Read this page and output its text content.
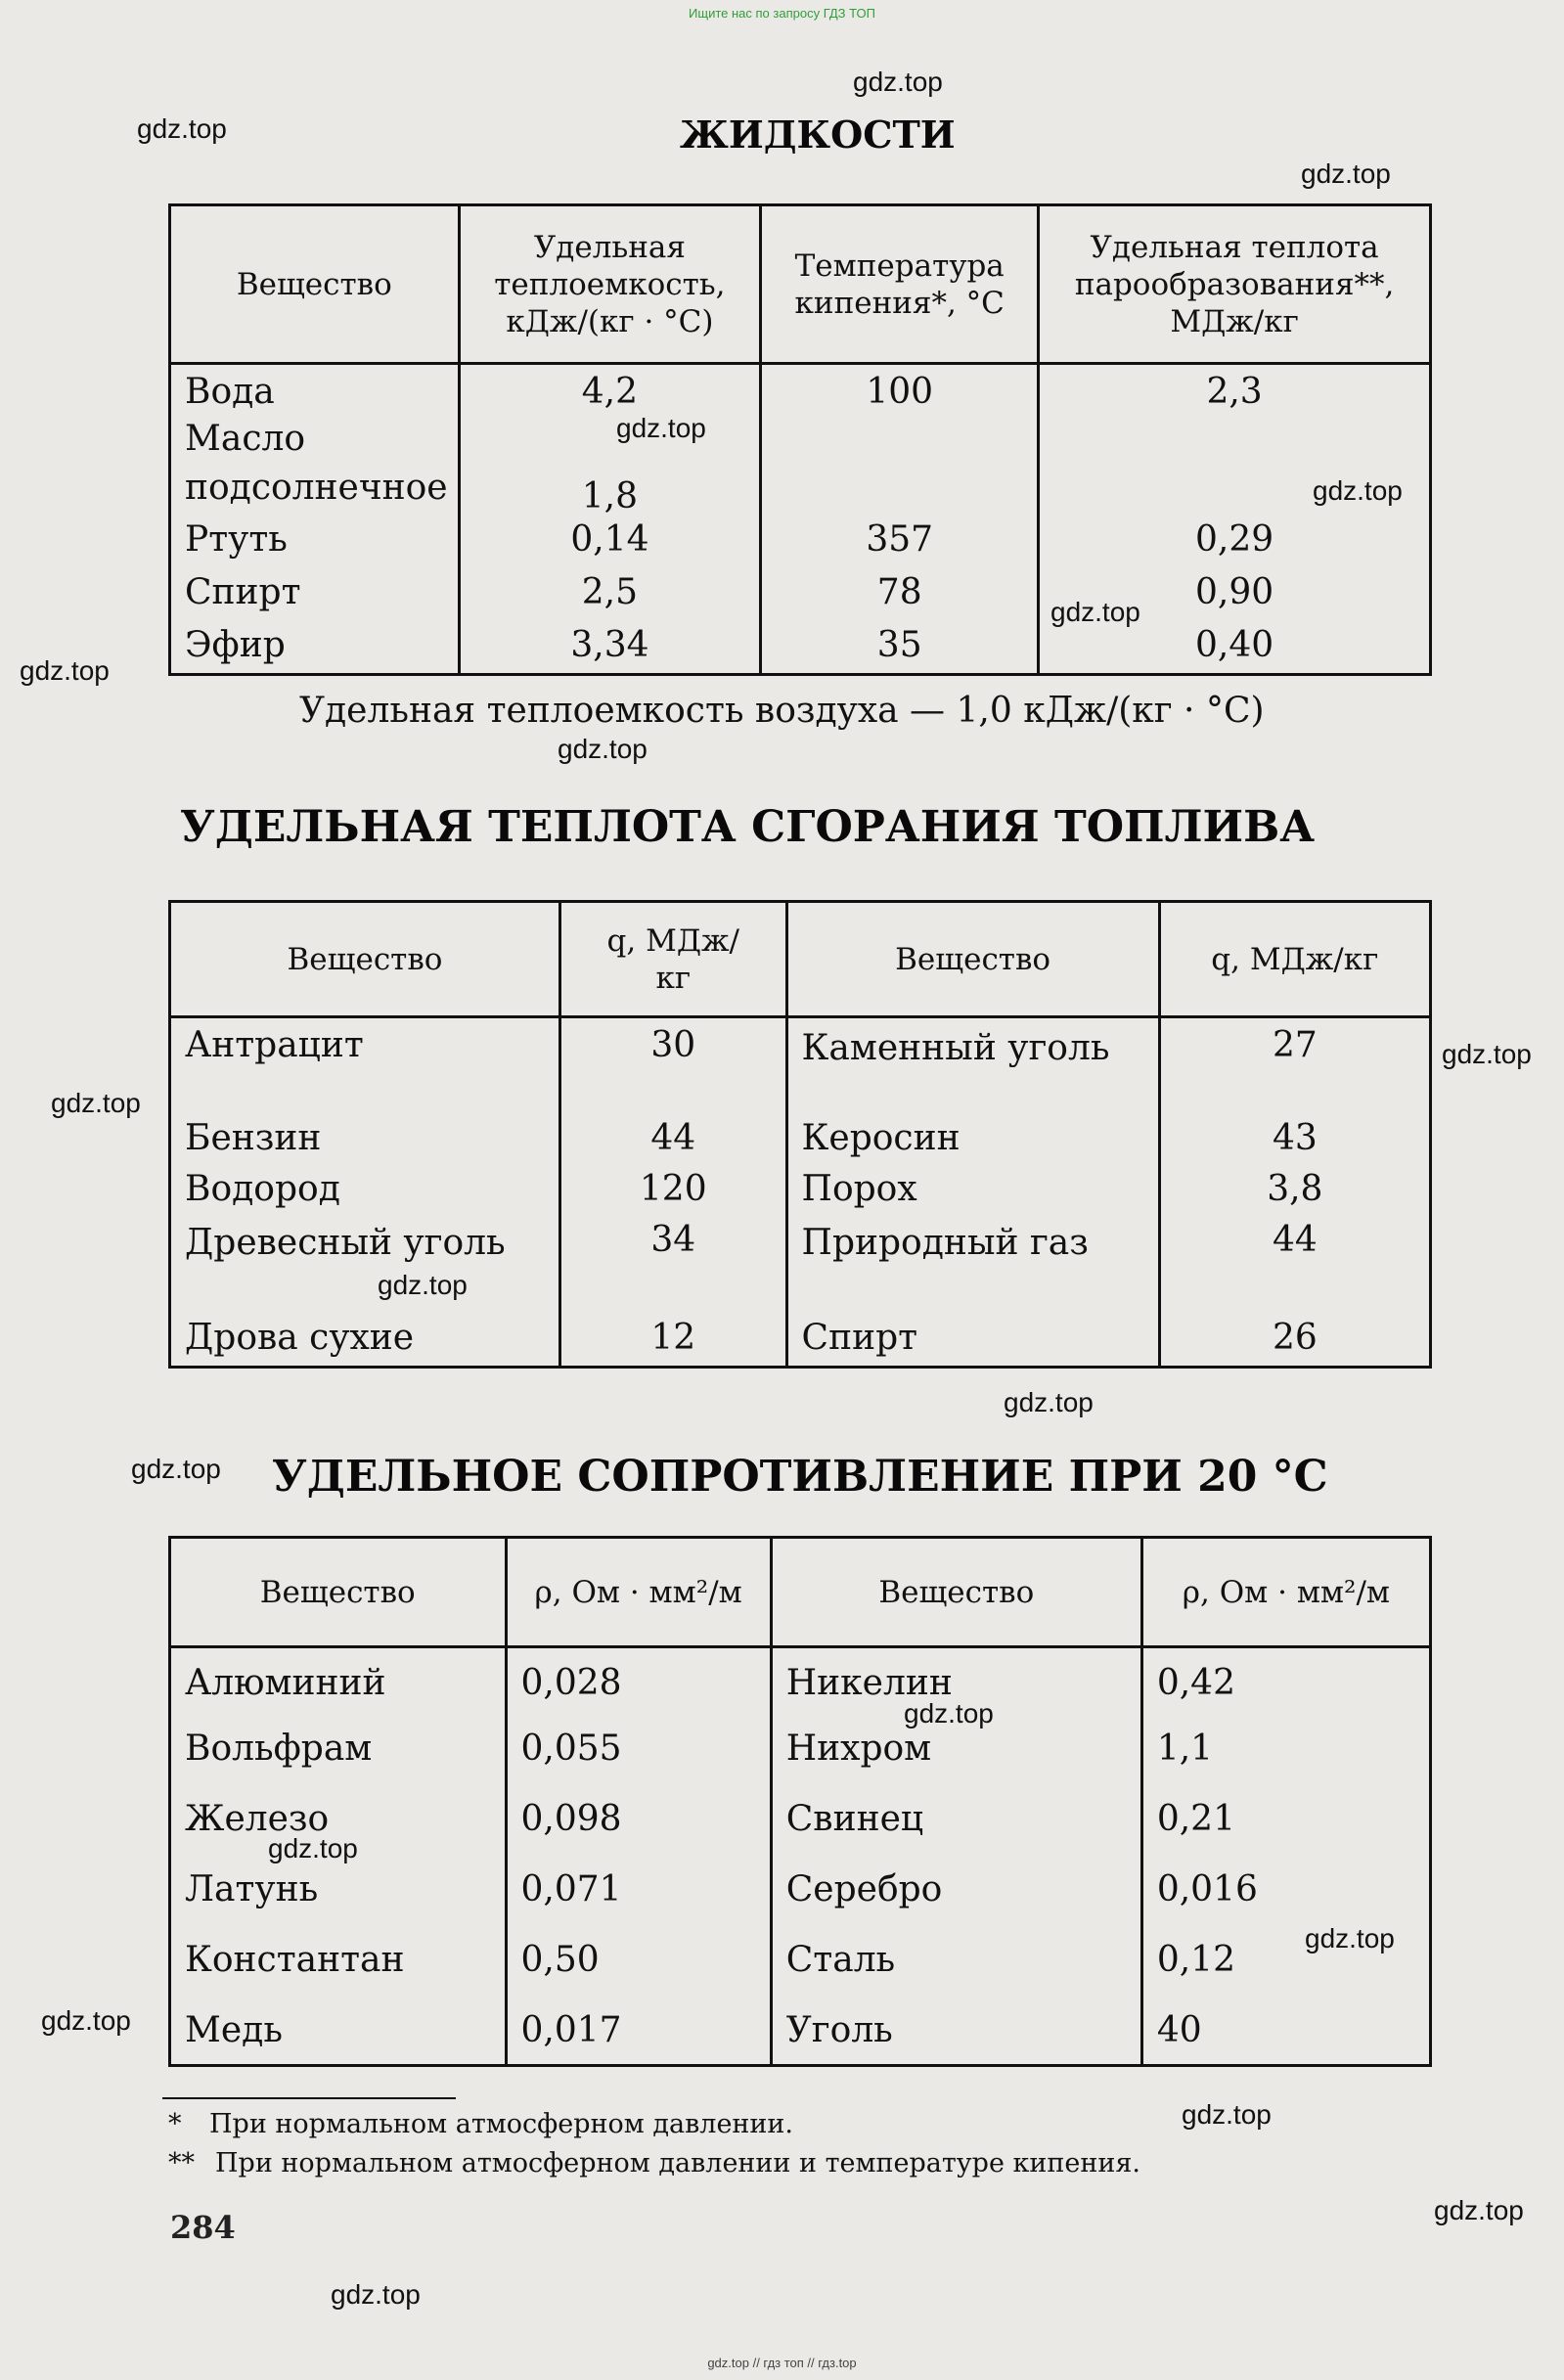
Ищите нас по запросу ГДЗ ТОП
ЖИДКОСТИ
Вещество	Удельная теплоемкость, кДж/(кг · °С)	Температура кипения*, °С	Удельная теплота парообразования**, МДж/кг
Вода	4,2	100	2,3
Масло подсолнечное	1,8		
Ртуть	0,14	357	0,29
Спирт	2,5	78	0,90
Эфир	3,34	35	0,40
Удельная теплоемкость воздуха — 1,0 кДж/(кг · °С)
УДЕЛЬНАЯ ТЕПЛОТА СГОРАНИЯ ТОПЛИВА
Вещество	q, МДж/кг	Вещество	q, МДж/кг
Антрацит	30	Каменный уголь	27
Бензин	44	Керосин	43
Водород	120	Порох	3,8
Древесный уголь	34	Природный газ	44
Дрова сухие	12	Спирт	26
УДЕЛЬНОЕ СОПРОТИВЛЕНИЕ ПРИ 20 °С
Вещество	ρ, Ом · мм²/м	Вещество	ρ, Ом · мм²/м
Алюминий	0,028	Никелин	0,42
Вольфрам	0,055	Нихром	1,1
Железо	0,098	Свинец	0,21
Латунь	0,071	Серебро	0,016
Константан	0,50	Сталь	0,12
Медь	0,017	Уголь	40
* При нормальном атмосферном давлении.
** При нормальном атмосферном давлении и температуре кипения.
284
gdz.top
gdz.top
gdz.top
gdz.top
gdz.top
gdz.top
gdz.top
gdz.top
gdz.top
gdz.top
gdz.top
gdz.top
gdz.top
gdz.top
gdz.top
gdz.top
gdz.top
gdz.top
gdz.top
gdz.top
gdz.top // гдз топ // гдз.top
